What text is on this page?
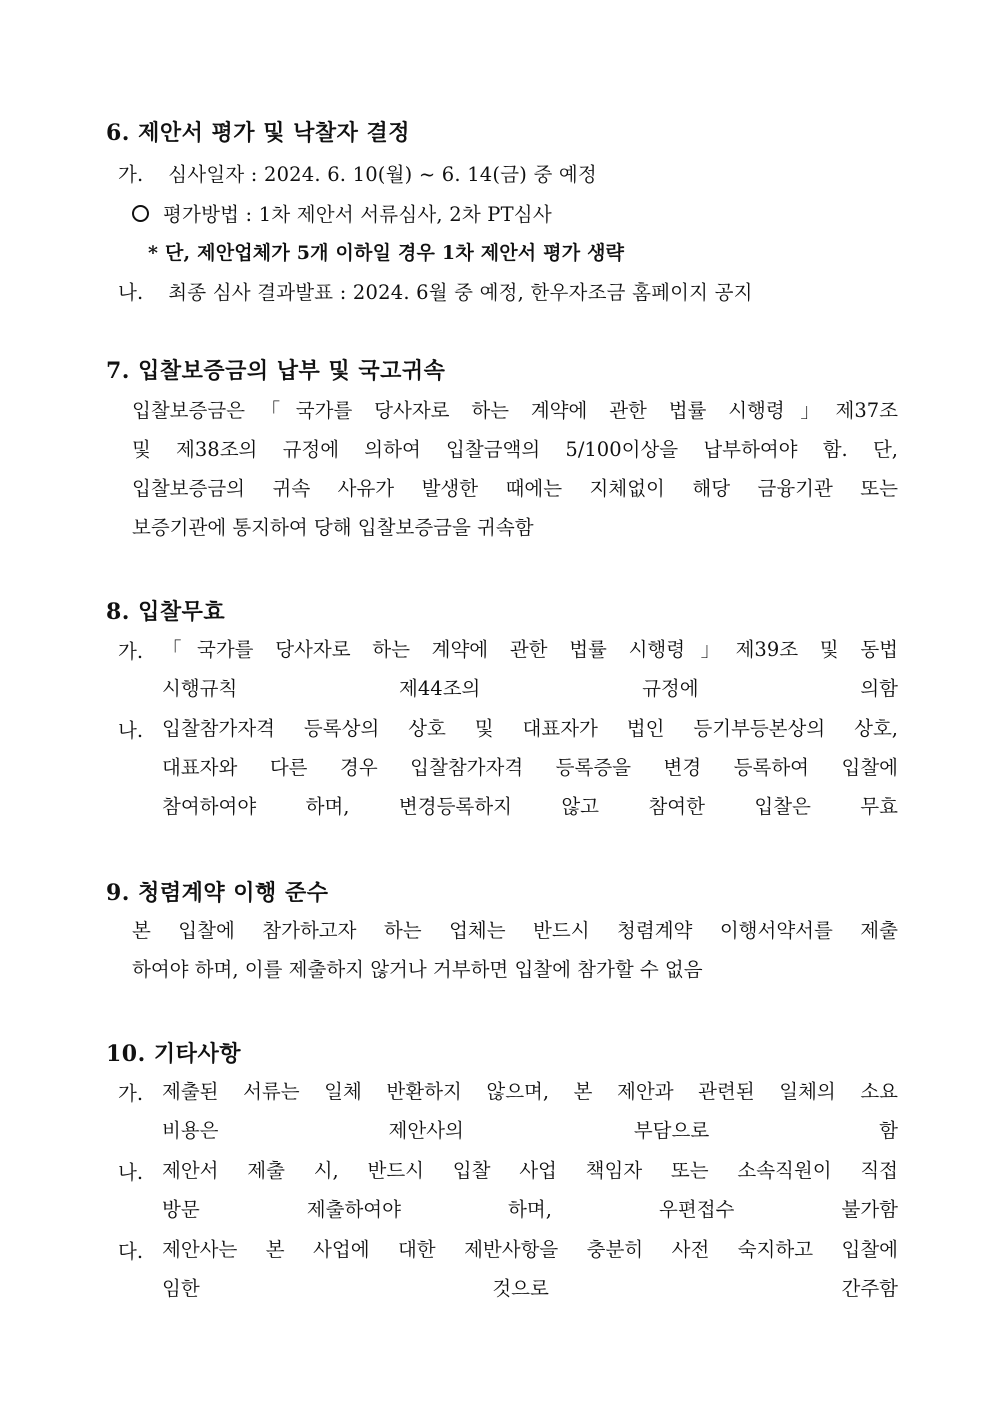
6. 제안서 평가 및 낙찰자 결정
가. 심사일자 : 2024. 6. 10(월) ~ 6. 14(금) 중 예정
평가방법 : 1차 제안서 서류심사, 2차 PT심사
* 단, 제안업체가 5개 이하일 경우 1차 제안서 평가 생략
나. 최종 심사 결과발표 : 2024. 6월 중 예정, 한우자조금 홈페이지 공지
7. 입찰보증금의 납부 및 국고귀속
입찰보증금은「국가를 당사자로 하는 계약에 관한 법률 시행령」제37조
및 제38조의 규정에 의하여 입찰금액의 5/100이상을 납부하여야 함. 단,
입찰보증금의 귀속 사유가 발생한 때에는 지체없이 해당 금융기관 또는
보증기관에 통지하여 당해 입찰보증금을 귀속함
8. 입찰무효
가. 「국가를 당사자로 하는 계약에 관한 법률 시행령」제39조 및 동법
시행규칙 제44조의 규정에 의함
나. 입찰참가자격 등록상의 상호 및 대표자가 법인 등기부등본상의 상호,
대표자와 다른 경우 입찰참가자격 등록증을 변경 등록하여 입찰에
참여하여야 하며, 변경등록하지 않고 참여한 입찰은 무효
9. 청렴계약 이행 준수
본 입찰에 참가하고자 하는 업체는 반드시 청렴계약 이행서약서를 제출
하여야 하며, 이를 제출하지 않거나 거부하면 입찰에 참가할 수 없음
10. 기타사항
가. 제출된 서류는 일체 반환하지 않으며, 본 제안과 관련된 일체의 소요
비용은 제안사의 부담으로 함
나. 제안서 제출 시, 반드시 입찰 사업 책임자 또는 소속직원이 직접
방문 제출하여야 하며, 우편접수 불가함
다. 제안사는 본 사업에 대한 제반사항을 충분히 사전 숙지하고 입찰에
임한 것으로 간주함
